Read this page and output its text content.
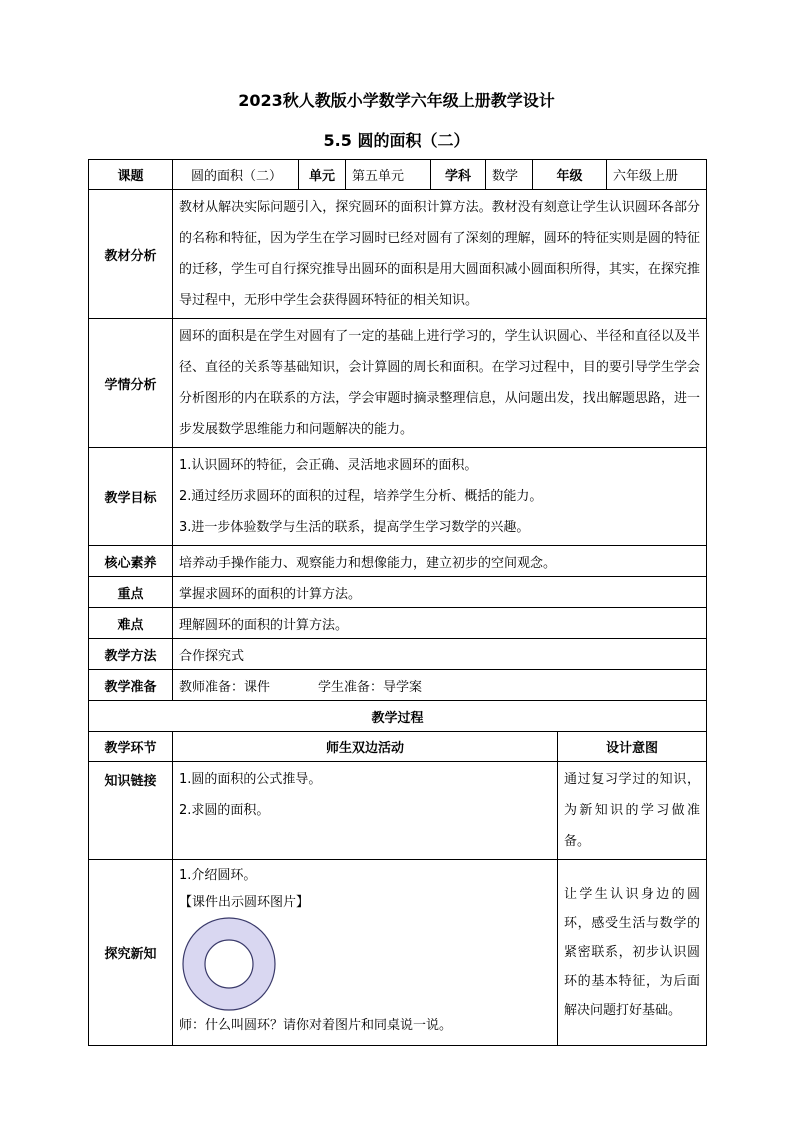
2023秋人教版小学数学六年级上册教学设计
5.5 圆的面积（二）
课题	圆的面积（二）	单元	第五单元	学科	数学	年级		六年级上册
教材分析	教材从解决实际问题引入，探究圆环的面积计算方法。教材没有刻意让学生认识圆环各部分的名称和特征，因为学生在学习圆时已经对圆有了深刻的理解，圆环的特征实则是圆的特征的迁移，学生可自行探究推导出圆环的面积是用大圆面积减小圆面积所得，其实，在探究推导过程中，无形中学生会获得圆环特征的相关知识。							
学情分析	圆环的面积是在学生对圆有了一定的基础上进行学习的，学生认识圆心、半径和直径以及半径、直径的关系等基础知识，会计算圆的周长和面积。在学习过程中，目的要引导学生学会分析图形的内在联系的方法，学会审题时摘录整理信息，从问题出发，找出解题思路，进一步发展数学思维能力和问题解决的能力。							
教学目标	1.认识圆环的特征，会正确、灵活地求圆环的面积。
2.通过经历求圆环的面积的过程，培养学生分析、概括的能力。
3.进一步体验数学与生活的联系，提高学生学习数学的兴趣。							

核心素养	培养动手操作能力、观察能力和想像能力，建立初步的空间观念。							
重点	掌握求圆环的面积的计算方法。							
难点	理解圆环的面积的计算方法。							
教学方法	合作探究式							
教学准备	教师准备：课件 学生准备：导学案							
教学过程								
教学环节	师生双边活动						设计意图	
知识链接	1.圆的面积的公式推导。
2.求圆的面积。						通过复习学过的知识，为新知识的学习做准备。	
探究新知	1.介绍圆环。
【课件出示圆环图片】
师：什么叫圆环？请你对着图片和同桌说一说。						让学生认识身边的圆环，感受生活与数学的紧密联系，初步认识圆环的基本特征，为后面解决问题打好基础。	
